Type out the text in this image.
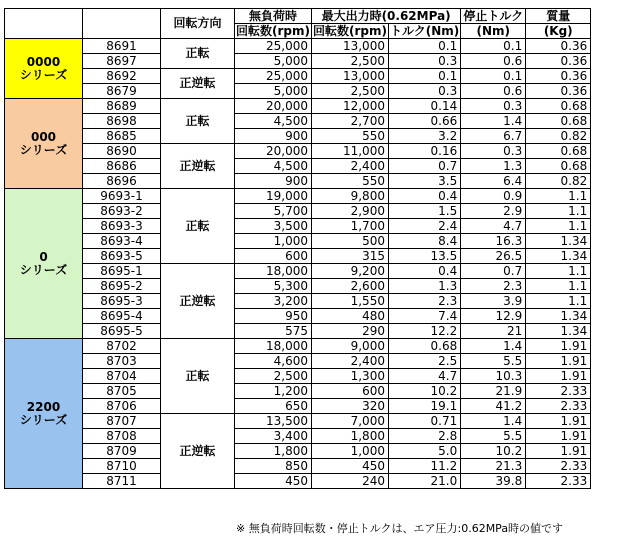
		回転方向	無負荷時	最大出力時(0.62MPa)		停止トルク	質量
			回転数(rpm)	回転数(rpm)	トルク(Nm)	(Nm)	(Kg)
0000
シリーズ	8691	正転	25,000	13,000	0.1	0.1	0.36
	8697		5,000	2,500	0.3	0.6	0.36
	8692	正逆転	25,000	13,000	0.1	0.1	0.36
	8679		5,000	2,500	0.3	0.6	0.36
000
シリーズ	8689	正転	20,000	12,000	0.14	0.3	0.68
	8698		4,500	2,700	0.66	1.4	0.68
	8685		900	550	3.2	6.7	0.82
	8690	正逆転	20,000	11,000	0.16	0.3	0.68
	8686		4,500	2,400	0.7	1.3	0.68
	8696		900	550	3.5	6.4	0.82
0
シリーズ	9693-1	正転	19,000	9,800	0.4	0.9	1.1
	8693-2		5,700	2,900	1.5	2.9	1.1
	8693-3		3,500	1,700	2.4	4.7	1.1
	8693-4		1,000	500	8.4	16.3	1.34
	8693-5		600	315	13.5	26.5	1.34
	8695-1	正逆転	18,000	9,200	0.4	0.7	1.1
	8695-2		5,300	2,600	1.3	2.3	1.1
	8695-3		3,200	1,550	2.3	3.9	1.1
	8695-4		950	480	7.4	12.9	1.34
	8695-5		575	290	12.2	21	1.34
2200
シリーズ	8702	正転	18,000	9,000	0.68	1.4	1.91
	8703		4,600	2,400	2.5	5.5	1.91
	8704		2,500	1,300	4.7	10.3	1.91
	8705		1,200	600	10.2	21.9	2.33
	8706		650	320	19.1	41.2	2.33
	8707	正逆転	13,500	7,000	0.71	1.4	1.91
	8708		3,400	1,800	2.8	5.5	1.91
	8709		1,800	1,000	5.0	10.2	1.91
	8710		850	450	11.2	21.3	2.33
	8711		450	240	21.0	39.8	2.33
※ 無負荷時回転数・停止トルクは、エア圧力:0.62MPa時の値です
